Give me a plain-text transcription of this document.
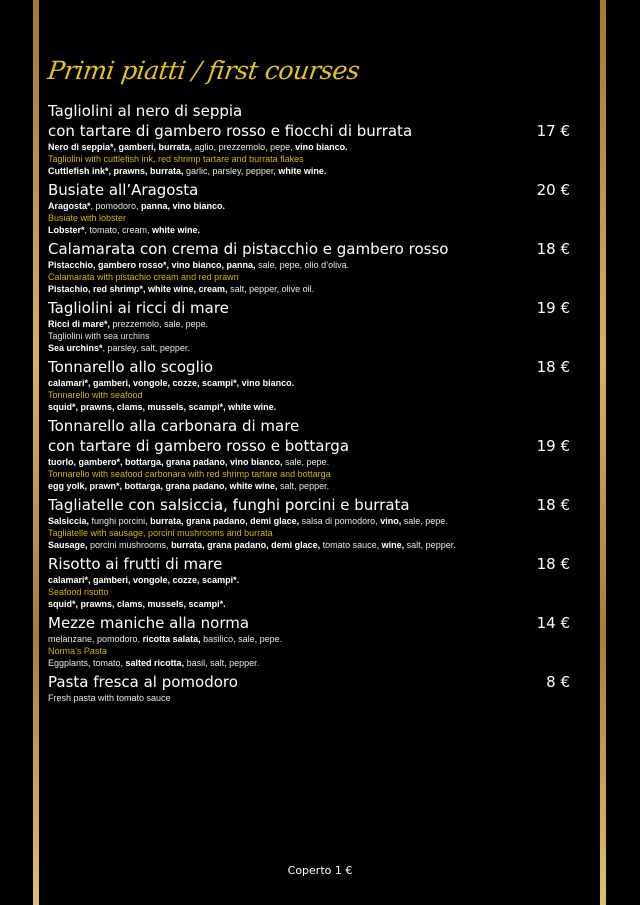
Primi piatti / first courses
Tagliolini al nero di seppia
con tartare di gambero rosso e fiocchi di burrata	17 €
Nero di seppia*, gamberi, burrata, aglio, prezzemolo, pepe, vino bianco.
Tagliolini with cuttlefish ink, red shrimp tartare and burrata flakes
Cuttlefish ink*, prawns, burrata, garlic, parsley, pepper, white wine.
Busiate all’Aragosta	20 €
Aragosta*, pomodoro, panna, vino bianco.
Busiate with lobster
Lobster*, tomato, cream, white wine.
Calamarata con crema di pistacchio e gambero rosso	18 €
Pistacchio, gambero rosso*, vino bianco, panna, sale, pepe, olio d’oliva.
Calamarata with pistachio cream and red prawn
Pistachio, red shrimp*, white wine, cream, salt, pepper, olive oil.
Tagliolini ai ricci di mare	19 €
Ricci di mare*, prezzemolo, sale, pepe.
Tagliolini with sea urchins
Sea urchins*, parsley, salt, pepper.
Tonnarello allo scoglio	18 €
calamari*, gamberi, vongole, cozze, scampi*, vino bianco.
Tonnarello with seafood
squid*, prawns, clams, mussels, scampi*, white wine.
Tonnarello alla carbonara di mare
con tartare di gambero rosso e bottarga	19 €
tuorlo, gambero*, bottarga, grana padano, vino bianco, sale, pepe.
Tonnarello with seafood carbonara with red shrimp tartare and bottarga
egg yolk, prawn*, bottarga, grana padano, white wine, salt, pepper.
Tagliatelle con salsiccia, funghi porcini e burrata	18 €
Salsiccia, funghi porcini, burrata, grana padano, demi glace, salsa di pomodoro, vino, sale, pepe.
Tagliatelle with sausage, porcini mushrooms and burrata
Sausage, porcini mushrooms, burrata, grana padano, demi glace, tomato sauce, wine, salt, pepper.
Risotto ai frutti di mare	18 €
calamari*, gamberi, vongole, cozze, scampi*.
Seafood risotto
squid*, prawns, clams, mussels, scampi*.
Mezze maniche alla norma	14 €
melanzane, pomodoro, ricotta salata, basilico, sale, pepe.
Norma’s Pasta
Eggplants, tomato, salted ricotta, basil, salt, pepper.
Pasta fresca al pomodoro	8 €
Fresh pasta with tomato sauce
Coperto 1 €
